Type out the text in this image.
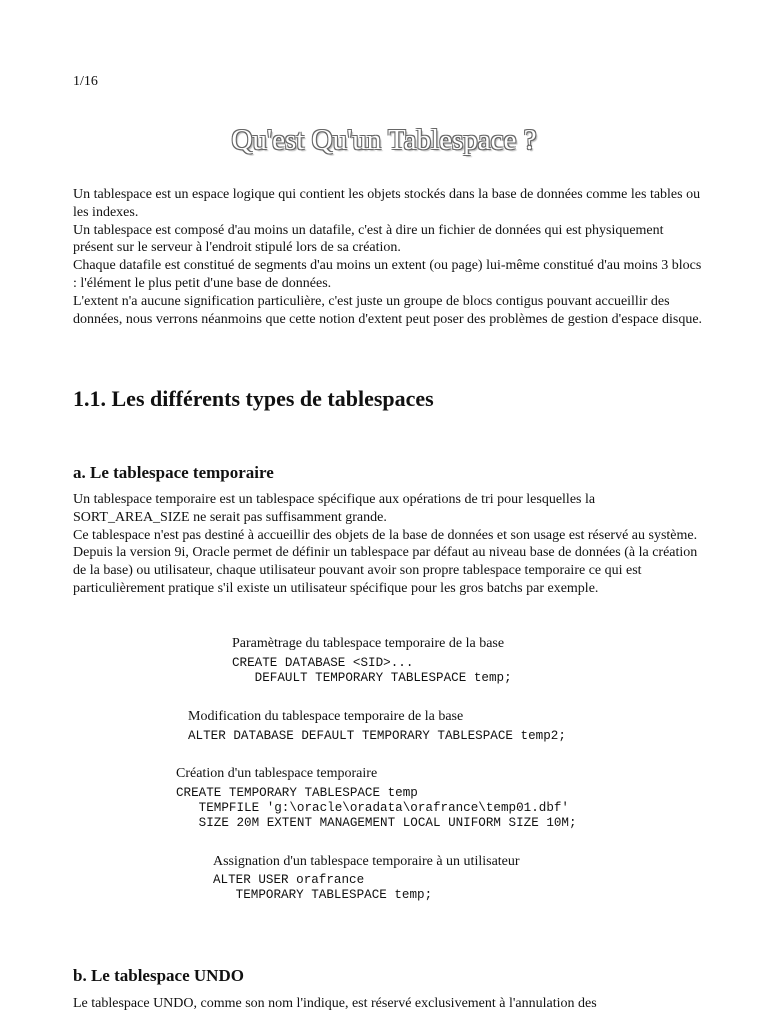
1/16
Qu'est Qu'un Tablespace ?

Un tablespace est un espace logique qui contient les objets stockés dans la base de données comme les tables ou les indexes.
Un tablespace est composé d'au moins un datafile, c'est à dire un fichier de données qui est physiquement présent sur le serveur à l'endroit stipulé lors de sa création.
Chaque datafile est constitué de segments d'au moins un extent (ou page) lui-même constitué d'au moins 3 blocs : l'élément le plus petit d'une base de données.
L'extent n'a aucune signification particulière, c'est juste un groupe de blocs contigus pouvant accueillir des données, nous verrons néanmoins que cette notion d'extent peut poser des problèmes de gestion d'espace disque.

1.1. Les différents types de tablespaces
a. Le tablespace temporaire

Un tablespace temporaire est un tablespace spécifique aux opérations de tri pour lesquelles la SORT_AREA_SIZE ne serait pas suffisamment grande.
Ce tablespace n'est pas destiné à accueillir des objets de la base de données et son usage est réservé au système.
Depuis la version 9i, Oracle permet de définir un tablespace par défaut au niveau base de données (à la création de la base) ou utilisateur, chaque utilisateur pouvant avoir son propre tablespace temporaire ce qui est particulièrement pratique s'il existe un utilisateur spécifique pour les gros batchs par exemple.

Paramètrage du tablespace temporaire de la base
CREATE DATABASE <SID>...
DEFAULT TEMPORARY TABLESPACE temp;
Modification du tablespace temporaire de la base
ALTER DATABASE DEFAULT TEMPORARY TABLESPACE temp2;
Création d'un tablespace temporaire
CREATE TEMPORARY TABLESPACE temp
TEMPFILE 'g:\oracle\oradata\orafrance\temp01.dbf'
SIZE 20M EXTENT MANAGEMENT LOCAL UNIFORM SIZE 10M;
Assignation d'un tablespace temporaire à un utilisateur
ALTER USER orafrance
TEMPORARY TABLESPACE temp;
b. Le tablespace UNDO

Le tablespace UNDO, comme son nom l'indique, est réservé exclusivement à l'annulation des
